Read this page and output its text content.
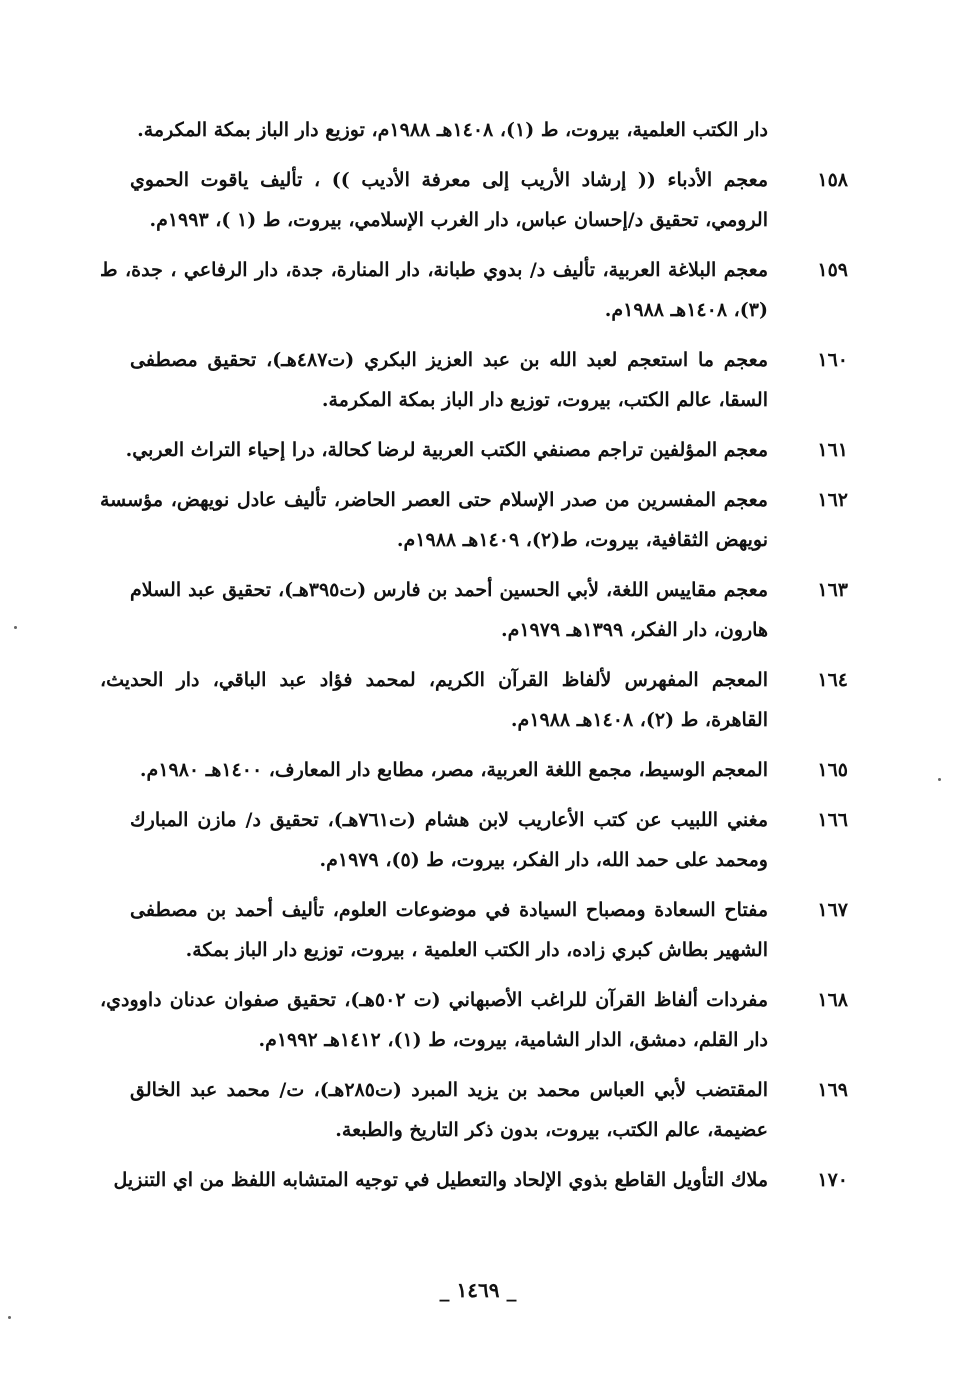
دار الكتب العلمية، بيروت، ط (١)، ١٤٠٨هـ ١٩٨٨م، توزيع دار الباز بمكة المكرمة.
١٥٨
معجم الأدباء (( إرشاد الأريب إلى معرفة الأديب )) ، تأليف ياقوت الحموي الرومي، تحقيق د/إحسان عباس، دار الغرب الإسلامي، بيروت، ط (١ )، ١٩٩٣م.
١٥٩
معجم البلاغة العربية، تأليف د/ بدوي طبانة، دار المنارة، جدة، دار الرفاعي ، جدة، ط (٣)، ١٤٠٨هـ ١٩٨٨م.
١٦٠
معجم ما استعجم لعبد الله بن عبد العزيز البكري (ت٤٨٧هـ)، تحقيق مصطفى السقا، عالم الكتب، بيروت، توزيع دار الباز بمكة المكرمة.
١٦١
معجم المؤلفين تراجم مصنفي الكتب العربية لرضا كحالة، درا إحياء التراث العربي.
١٦٢
معجم المفسرين من صدر الإسلام حتى العصر الحاضر، تأليف عادل نويهض، مؤسسة نويهض الثقافية، بيروت، ط(٢)، ١٤٠٩هـ ١٩٨٨م.
١٦٣
معجم مقاييس اللغة، لأبي الحسين أحمد بن فارس (ت٣٩٥هـ)، تحقيق عبد السلام هارون، دار الفكر، ١٣٩٩هـ ١٩٧٩م.
١٦٤
المعجم المفهرس لألفاظ القرآن الكريم، لمحمد فؤاد عبد الباقي، دار الحديث، القاهرة، ط (٢)، ١٤٠٨هـ ١٩٨٨م.
١٦٥
المعجم الوسيط، مجمع اللغة العربية، مصر، مطابع دار المعارف، ١٤٠٠هـ ١٩٨٠م.
١٦٦
مغني اللبيب عن كتب الأعاريب لابن هشام (ت٧٦١هـ)، تحقيق د/ مازن المبارك ومحمد على حمد الله، دار الفكر، بيروت، ط (٥)، ١٩٧٩م.
١٦٧
مفتاح السعادة ومصباح السيادة في موضوعات العلوم، تأليف أحمد بن مصطفى الشهير بطاش كبري زاده، دار الكتب العلمية ، بيروت، توزيع دار الباز بمكة.
١٦٨
مفردات ألفاظ القرآن للراغب الأصبهاني (ت ٥٠٢هـ)، تحقيق صفوان عدنان داوودي، دار القلم، دمشق، الدار الشامية، بيروت، ط (١)، ١٤١٢هـ ١٩٩٢م.
١٦٩
المقتضب لأبي العباس محمد بن يزيد المبرد (ت٢٨٥هـ)، ت/ محمد عبد الخالق عضيمة، عالم الكتب، بيروت، بدون ذكر التاريخ والطبعة.
١٧٠
ملاك التأويل القاطع بذوي الإلحاد والتعطيل في توجيه المتشابه اللفظ من اي التنزيل
_ ١٤٦٩ _
